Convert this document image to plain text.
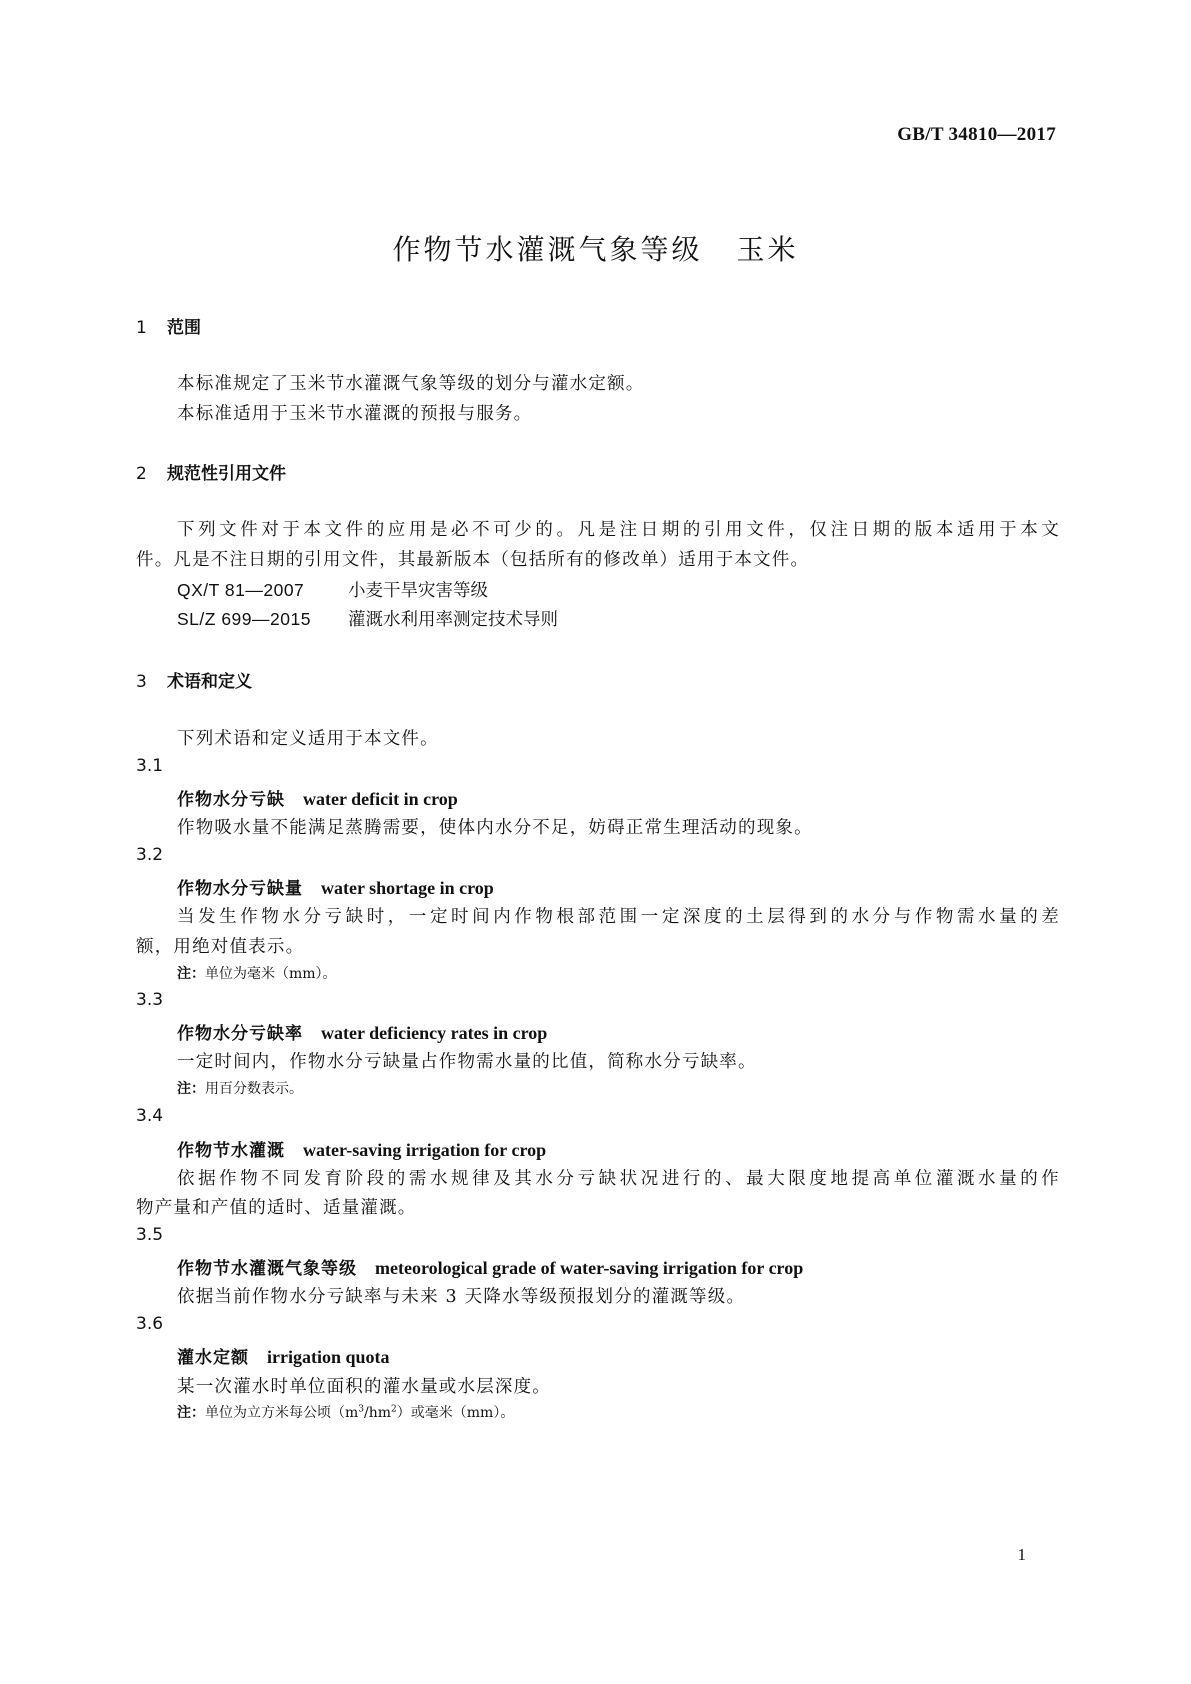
GB/T 34810—2017
作物节水灌溉气象等级 玉米
1 范围
本标准规定了玉米节水灌溉气象等级的划分与灌水定额。
本标准适用于玉米节水灌溉的预报与服务。
2 规范性引用文件
下列文件对于本文件的应用是必不可少的。凡是注日期的引用文件，仅注日期的版本适用于本文
件。凡是不注日期的引用文件，其最新版本（包括所有的修改单）适用于本文件。
QX/T 81—2007 小麦干旱灾害等级
SL/Z 699—2015 灌溉水利用率测定技术导则
3 术语和定义
下列术语和定义适用于本文件。
3.1
作物水分亏缺 water deficit in crop
作物吸水量不能满足蒸腾需要，使体内水分不足，妨碍正常生理活动的现象。
3.2
作物水分亏缺量 water shortage in crop
当发生作物水分亏缺时，一定时间内作物根部范围一定深度的土层得到的水分与作物需水量的差
额，用绝对值表示。
注：单位为毫米（mm）。
3.3
作物水分亏缺率 water deficiency rates in crop
一定时间内，作物水分亏缺量占作物需水量的比值，简称水分亏缺率。
注：用百分数表示。
3.4
作物节水灌溉 water-saving irrigation for crop
依据作物不同发育阶段的需水规律及其水分亏缺状况进行的、最大限度地提高单位灌溉水量的作
物产量和产值的适时、适量灌溉。
3.5
作物节水灌溉气象等级 meteorological grade of water-saving irrigation for crop
依据当前作物水分亏缺率与未来 3 天降水等级预报划分的灌溉等级。
3.6
灌水定额 irrigation quota
某一次灌水时单位面积的灌水量或水层深度。
注：单位为立方米每公顷$(m^3/hm^2)$或毫米（mm）。
1
